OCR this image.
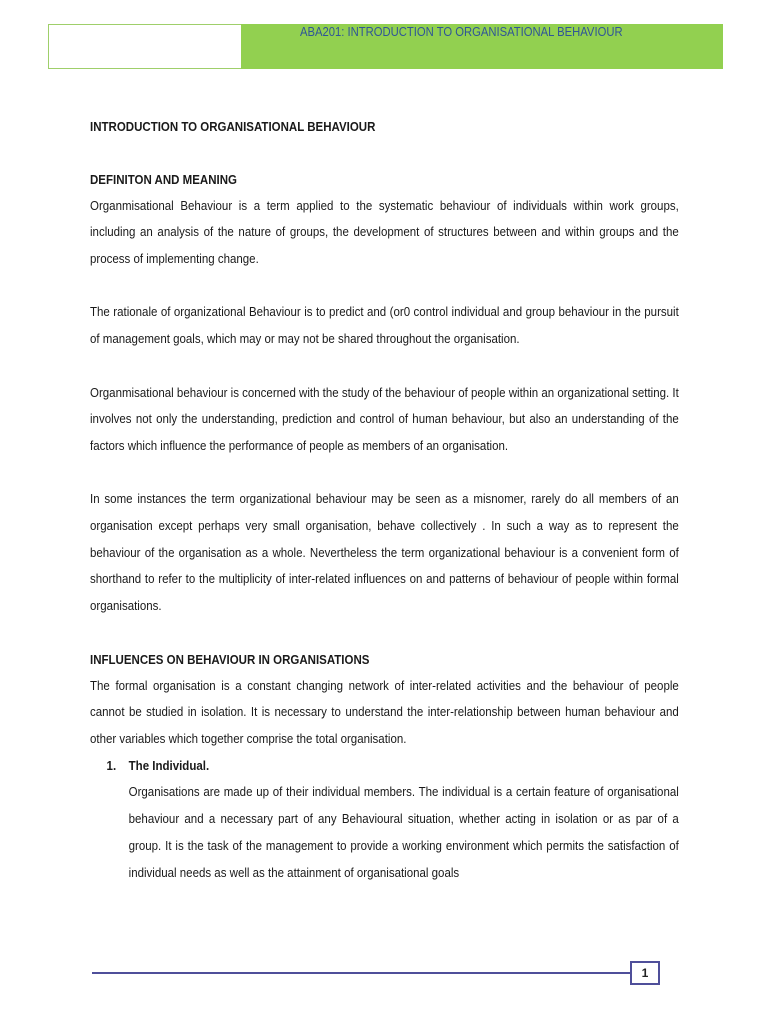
ABA201: INTRODUCTION TO ORGANISATIONAL BEHAVIOUR
INTRODUCTION TO ORGANISATIONAL BEHAVIOUR
DEFINITON AND MEANING

Organmisational Behaviour is a term applied to the systematic behaviour of individuals within work groups, including an analysis of the nature of groups, the development of structures between and within groups and the process of implementing change.

The rationale of organizational Behaviour is to predict and (or0 control individual and group behaviour in the pursuit of management goals, which may or may not be shared throughout the organisation.

Organmisational behaviour is concerned with the study of the behaviour of people within an organizational setting. It involves not only the understanding, prediction and control of human behaviour, but also an understanding of the factors which influence the performance of people as members of an organisation.

In some instances the term organizational behaviour may be seen as a misnomer, rarely do all members of an organisation except perhaps very small organisation, behave collectively . In such a way as to represent the behaviour of the organisation as a whole. Nevertheless the term organizational behaviour is a convenient form of shorthand to refer to the multiplicity of inter-related influences on and patterns of behaviour of people within formal organisations.

INFLUENCES ON BEHAVIOUR IN ORGANISATIONS

The formal organisation is a constant changing network of inter-related activities and the behaviour of people cannot be studied in isolation. It is necessary to understand the inter-relationship between human behaviour and other variables which together comprise the total organisation.

1. The Individual.

Organisations are made up of their individual members. The individual is a certain feature of organisational behaviour and a necessary part of any Behavioural situation, whether acting in isolation or as par of a group. It is the task of the management to provide a working environment which permits the satisfaction of individual needs as well as the attainment of organisational goals

1
